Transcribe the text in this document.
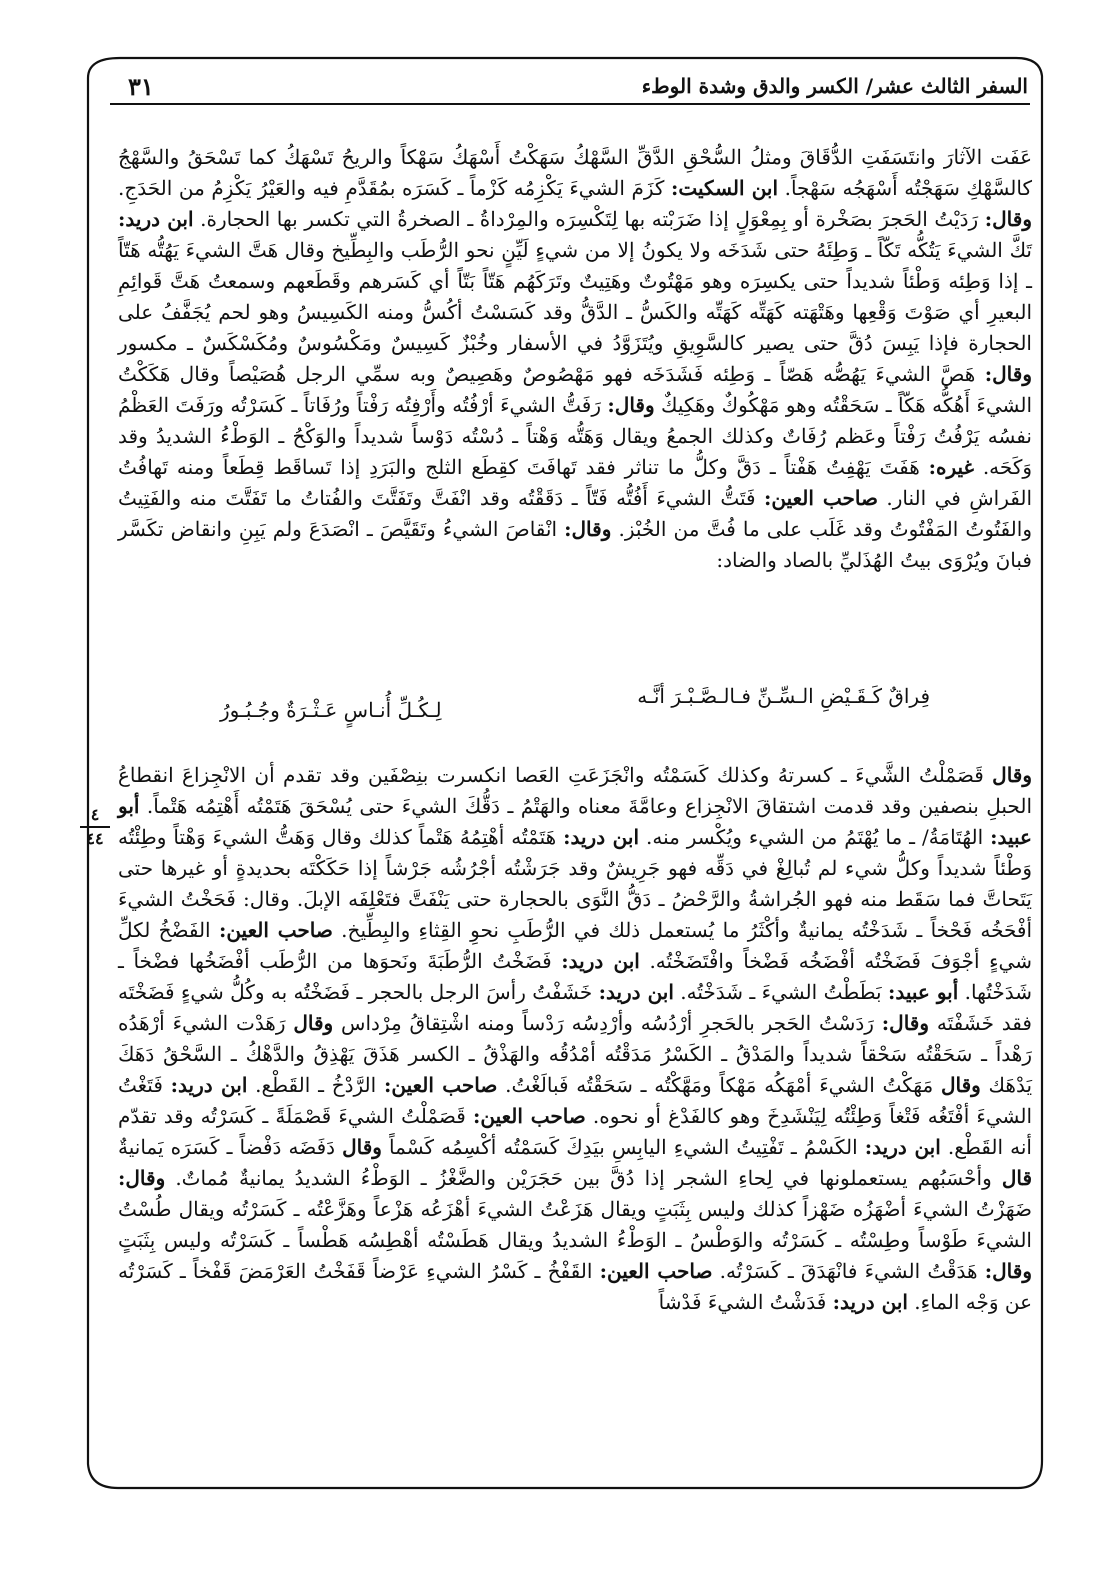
٣١	السفر الثالث عشر/ الكسر والدق وشدة الوطء

عَفَت الآثارَ وانتَسَفَتِ الدُّقَاقَ ومثلُ السُّحْقِ الدَّقِّ السَّهْكُ سَهَكْتُ أَسْهَكُ سَهْكاً والريحُ تَسْهَكُ كما تَسْحَقُ والسَّهْجُ كالسَّهْكِ سَهَجْتُه أَسْهَجُه سَهْجاً. ابن السكيت: كَزَمَ الشيءَ يَكْزِمُه كَزْماً ـ كَسَرَه بمُقَدَّمِ فيه والعَيْرُ يَكْزِمُ من الحَدَجِ. وقال: رَدَيْتُ الحَجرَ بصَخْرة أو بِمِعْوَلٍ إذا ضَرَبْته بها لِتَكْسِرَه والمِرْداةُ ـ الصخرةُ التي تكسر بها الحجارة. ابن دريد: تَكَّ الشيءَ يَتُكُّه تَكّاً ـ وَطِئَهُ حتى شَدَخَه ولا يكونُ إلا من شيءٍ لَيِّنٍ نحو الرُّطَب والبِطِّيخ وقال هَتَّ الشيءَ يَهُتُّه هَتّاً ـ إذا وَطِئه وَطْئاً شديداً حتى يكسِرَه وهو مَهْتُوتٌ وهَتِيتٌ وتَرَكَهُم هَتّاً بَتّاً أي كَسَرهم وقَطَعهم وسمعتُ هَتَّ قَوائِمِ البعيرِ أي صَوْتَ وَقْعِها وهَتْهَته كَهَتِّه كَهَتِّه والكَسُّ ـ الدَّقُّ وقد كَسَسْتُ أكُسُّ ومنه الكَسِيسُ وهو لحم يُجَفَّفُ على الحجارة فإذا يَبِسَ دُقَّ حتى يصير كالسَّوِيقِ ويُتَزَوَّدُ في الأسفار وخُبْزٌ كَسِيسٌ ومَكْسُوسٌ ومُكَسْكَسٌ ـ مكسور وقال: هَصَّ الشيءَ يَهُصُّه هَصّاً ـ وَطِئه فَشَدَخَه فهو مَهْصُوصٌ وهَصِيصٌ وبه سمِّي الرجل هُصَيْصاً وقال هَكَكْتُ الشيءَ أَهُكُّه هَكّاً ـ سَحَقْتُه وهو مَهْكُوكٌ وهَكِيكٌ وقال: رَفَتُّ الشيءَ أرْفُتُه وأَرْفِتُه رَفْتاً ورُفَاتاً ـ كَسَرْتُه ورَفَتَ العَظْمُ نفسُه يَرْفُتُ رَفْتاً وعَظم رُفَاتٌ وكذلك الجمعُ ويقال وَهَتُّه وَهْتاً ـ دُسْتُه دَوْساً شديداً والوَكْحُ ـ الوَطْءُ الشديدُ وقد وَكَحَه. غيره: هَفَتَ يَهْفِتُ هَفْتاً ـ دَقَّ وكلُّ ما تناثر فقد تَهافَتَ كقِطَع الثلج والبَرَدِ إذا تَساقَط قِطَعاً ومنه تَهافُتُ الفَراشِ في النار. صاحب العين: فَتَتُّ الشيءَ أَفُتُّه فَتّاً ـ دَقَقْتُه وقد انْفَتَّ وتَفَتَّتَ والفُتاتُ ما تَفَتَّتَ منه والفَتِيتُ والفَتُوتُ المَفْتُوتُ وقد غَلَب على ما فُتَّ من الخُبْز. وقال: انْقاصَ الشيءُ وتَقَيَّصَ ـ انْصَدَعَ ولم يَبِنِ وانقاض تكَسَّر فبانَ ويُرْوَى بيتُ الهُذَليِّ بالصاد والضاد:

فِراقٌ كَـقَـيْضِ الـسِّـنِّ فـالـصَّـبْـرَ أنَّـه
لِـكُـلِّ أُنـاسٍ عَـثْـرَةٌ وجُـبُـورُ
٤
٤٤

وقال قَصَمْلْتُ الشَّيءَ ـ كسرتهُ وكذلك كَسَمْتُه وانْجَزَعَتِ العَصا انكسرت بنِصْفَين وقد تقدم أن الانْجِزاعَ انقطاعُ الحبلِ بنصفين وقد قدمت اشتقاقَ الانْجِزاع وعامَّةَ معناه والهَتْمُ ـ دَقُّكَ الشيءَ حتى يُسْحَقَ هَتَمْتُه أَهْتِمُه هَتْماً. أبو عبيد: الهُتَامَةُ/ ـ ما يُهْتَمُ من الشيء ويُكْسر منه. ابن دريد: هَتَمْتُه أهْتِمُهُ هَتْماً كذلك وقال وَهَتُّ الشيءَ وَهْتاً وطِئْتُه وَطْئاً شديداً وكلُّ شيء لم تُبالِغْ في دَقِّه فهو جَرِيشٌ وقد جَرَشْتُه أجْرُشُه جَرْشاً إذا حَكَكْتَه بحديدةٍ أو غيرها حتى يَتَحاتَّ فما سَقَط منه فهو الجُراشةُ والرَّحْضُ ـ دَقُّ النَّوَى بالحجارة حتى يَنْفَتَّ فتَعْلِفَه الإبلَ. وقال: فَحَخْتُ الشيءَ أفْحَخُه فَحْخاً ـ شَدَخْتُه يمانيةٌ وأكْثَرُ ما يُستعمل ذلك في الرُّطَبِ نحوِ القِثاءِ والبِطِّيخ. صاحب العين: الفَضْخُ لكلِّ شيءٍ أجْوَفَ فَضَخْتُه أفْضَخُه فَضْخاً وافْتَضَخْتُه. ابن دريد: فَضَخْتُ الرُّطَبَةَ ونَحوَها من الرُّطَب أفْضَخُها فضْخاً ـ شَدَخْتُها. أبو عبيد: بَطَطْتُ الشيءَ ـ شَدَخْتُه. ابن دريد: خَشَفْتُ رأسَ الرجل بالحجر ـ فَضَخْتُه به وكُلُّ شيءٍ فَضَخْتَه فقد خَشَفْتَه وقال: رَدَسْتُ الحَجر بالحَجرِ أرْدُسُه وأرْدِسُه رَدْساً ومنه اشْتِقاقُ مِرْداس وقال رَهَدْت الشيءَ أرْهَدُه رَهْداً ـ سَحَقْتُه سَحْقاً شديداً والمَدْقُ ـ الكَسْرُ مَدَقْتُه أمْدُقُه والهَذْقُ ـ الكسر هَذَقَ يَهْذِقُ والدَّهْكُ ـ السَّحْقُ دَهَكَ يَدْهَك وقال مَهَكْتُ الشيءَ أمْهَكُه مَهْكاً ومَهَّكْتُه ـ سَحَقْتُه فَبالَغْتُ. صاحب العين: الرَّدْخُ ـ القَطْع. ابن دريد: فَتَغْتُ الشيءَ أفْتَغُه فَتْغاً وَطِئْتُه لِيَنْشَدِخَ وهو كالفَدْغ أو نحوه. صاحب العين: قَصَمْلْتُ الشيءَ قَصْمَلَةً ـ كَسَرْتُه وقد تقدّم أنه القَطْع. ابن دريد: الكَسْمُ ـ تَفْتِيتُ الشيءِ اليابِسِ بيَدِكَ كَسَمْتُه أكْسِمُه كَسْماً وقال دَفَضَه دَفْضاً ـ كَسَرَه يَمانيةٌ قال وأحْسَبُهم يستعملونها في لِحاءِ الشجر إذا دُقَّ بين حَجَرَيْن والضَّغْزُ ـ الوَطْءُ الشديدُ يمانيةٌ مُماتٌ. وقال: ضَهَزْتُ الشيءَ أضْهَزُه ضَهْزاً كذلك وليس بِثَبَتٍ ويقال هَزَعْتُ الشيءَ أهْزَعُه هَزْعاً وهَزَّعْتُه ـ كَسَرْتُه ويقال طُسْتُ الشيءَ طَوْساً وطِسْتُه ـ كَسَرْتُه والوَطْسُ ـ الوَطْءُ الشديدُ ويقال هَطَسْتُه أهْطِسُه هَطْساً ـ كَسَرْتُه وليس بِثَبَتٍ وقال: هَدَقْتُ الشيءَ فانْهَدَقَ ـ كَسَرْتُه. صاحب العين: القَفْخُ ـ كَسْرُ الشيءِ عَرْضاً قَفَخْتُ العَرْمَضَ قَفْخاً ـ كَسَرْتُه عن وَجْه الماءِ. ابن دريد: فَدَشْتُ الشيءَ فَدْشاً
